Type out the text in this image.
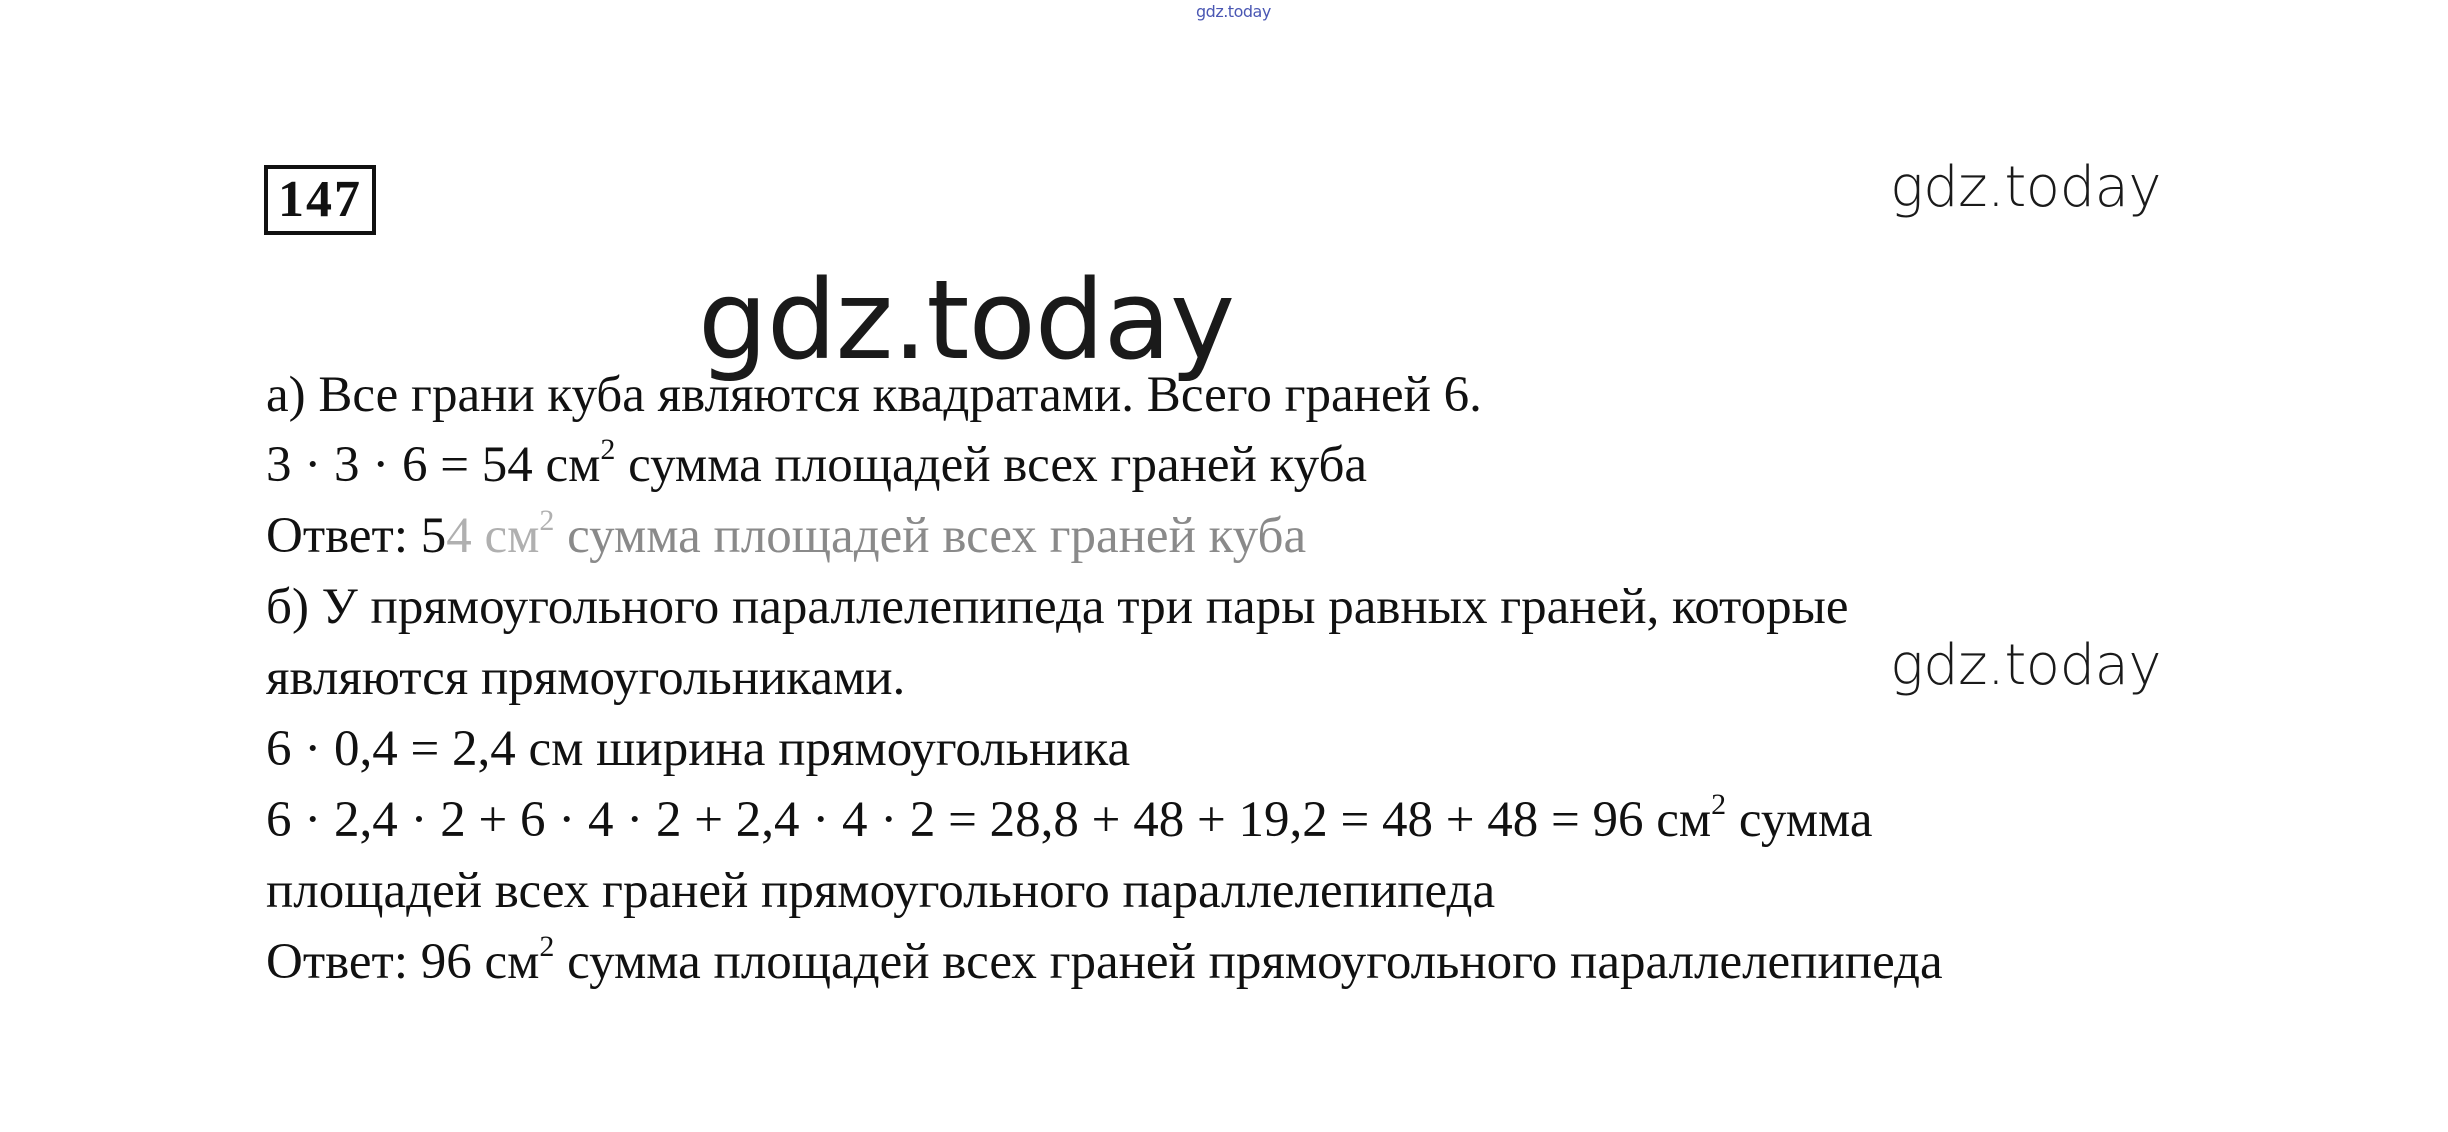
gdz.today
gdz.today
147
а) Все грани куба являются квадратами. Всего граней 6.
3 · 3 · 6 = 54 $см^2$ сумма площадей всех граней куба
Ответ: 54 $см^2$ сумма площадей всех граней куба
б) У прямоугольного параллелепипеда три пары равных граней, которые
являются прямоугольниками.
6 · 0,4 = 2,4 см ширина прямоугольника
6 · 2,4 · 2 + 6 · 4 · 2 + 2,4 · 4 · 2 = 28,8 + 48 + 19,2 = 48 + 48 = 96 $см^2$ сумма
площадей всех граней прямоугольного параллелепипеда
Ответ: 96 $см^2$ сумма площадей всех граней прямоугольного параллелепипеда
gdz.today
gdz.today
